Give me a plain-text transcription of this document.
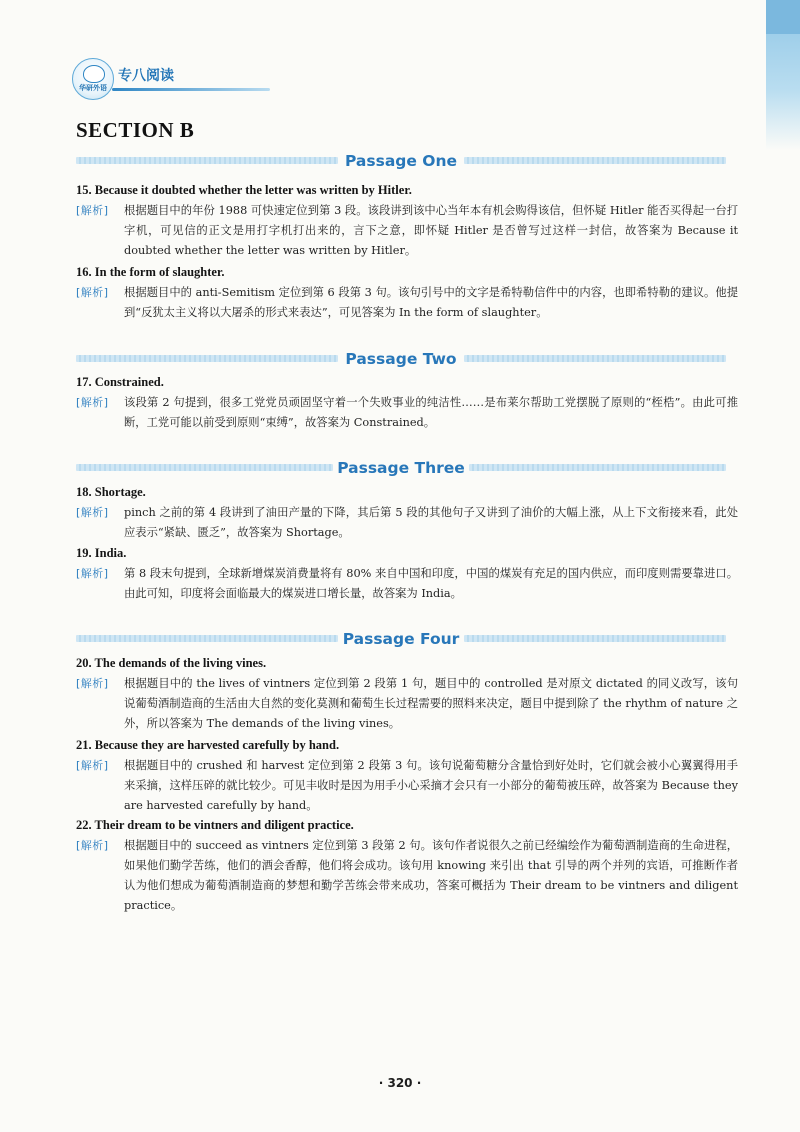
华研外语
专八阅读
SECTION B
Passage One
15. Because it doubted whether the letter was written by Hitler.
[解析] 根据题目中的年份 1988 可快速定位到第 3 段。该段讲到该中心当年本有机会购得该信，但怀疑 Hitler 能否买得起一台打字机，可见信的正文是用打字机打出来的，言下之意，即怀疑 Hitler 是否曾写过这样一封信，故答案为 Because it doubted whether the letter was written by Hitler。
16. In the form of slaughter.
[解析] 根据题目中的 anti-Semitism 定位到第 6 段第 3 句。该句引号中的文字是希特勒信件中的内容，也即希特勒的建议。他提到“反犹太主义将以大屠杀的形式来表达”，可见答案为 In the form of slaughter。
Passage Two
17. Constrained.
[解析] 该段第 2 句提到，很多工党党员顽固坚守着一个失败事业的纯洁性……是布莱尔帮助工党摆脱了原则的“桎梏”。由此可推断，工党可能以前受到原则“束缚”，故答案为 Constrained。
Passage Three
18. Shortage.
[解析] pinch 之前的第 4 段讲到了油田产量的下降，其后第 5 段的其他句子又讲到了油价的大幅上涨，从上下文衔接来看，此处应表示“紧缺、匮乏”，故答案为 Shortage。
19. India.
[解析] 第 8 段末句提到，全球新增煤炭消费量将有 80% 来自中国和印度，中国的煤炭有充足的国内供应，而印度则需要靠进口。由此可知，印度将会面临最大的煤炭进口增长量，故答案为 India。
Passage Four
20. The demands of the living vines.
[解析] 根据题目中的 the lives of vintners 定位到第 2 段第 1 句，题目中的 controlled 是对原文 dictated 的同义改写，该句说葡萄酒制造商的生活由大自然的变化莫测和葡萄生长过程需要的照料来决定，题目中提到除了 the rhythm of nature 之外，所以答案为 The demands of the living vines。
21. Because they are harvested carefully by hand.
[解析] 根据题目中的 crushed 和 harvest 定位到第 2 段第 3 句。该句说葡萄糖分含量恰到好处时，它们就会被小心翼翼得用手来采摘，这样压碎的就比较少。可见丰收时是因为用手小心采摘才会只有一小部分的葡萄被压碎，故答案为 Because they are harvested carefully by hand。
22. Their dream to be vintners and diligent practice.
[解析] 根据题目中的 succeed as vintners 定位到第 3 段第 2 句。该句作者说很久之前已经编绘作为葡萄酒制造商的生命进程，如果他们勤学苦练，他们的酒会香醇，他们将会成功。该句用 knowing 来引出 that 引导的两个并列的宾语，可推断作者认为他们想成为葡萄酒制造商的梦想和勤学苦练会带来成功，答案可概括为 Their dream to be vintners and diligent practice。
· 320 ·
